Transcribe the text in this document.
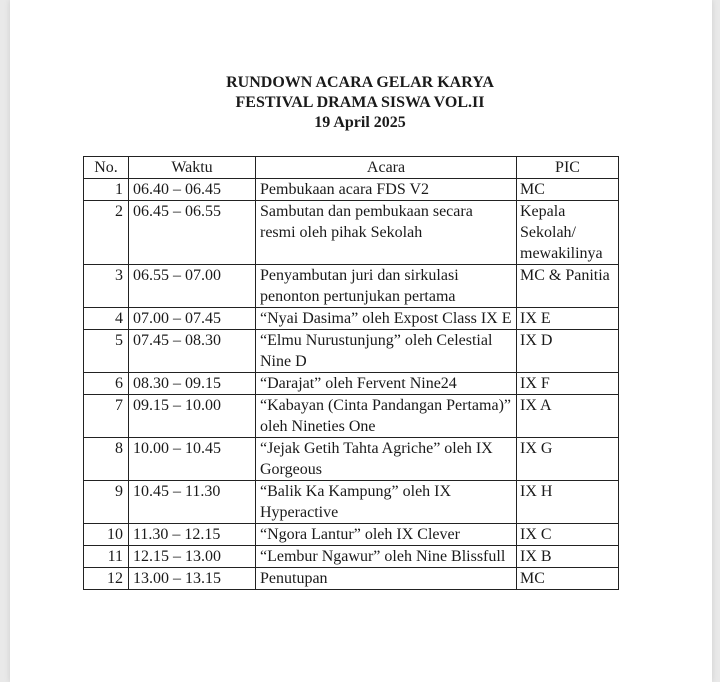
RUNDOWN ACARA GELAR KARYA
FESTIVAL DRAMA SISWA VOL.II
19 April 2025
No.	Waktu	Acara	PIC
1	06.40 – 06.45	Pembukaan acara FDS V2	MC
2	06.45 – 06.55	Sambutan dan pembukaan secara resmi oleh pihak Sekolah	Kepala Sekolah/ mewakilinya
3	06.55 – 07.00	Penyambutan juri dan sirkulasi penonton pertunjukan pertama	MC & Panitia
4	07.00 – 07.45	“Nyai Dasima” oleh Expost Class IX E	IX E
5	07.45 – 08.30	“Elmu Nurustunjung” oleh Celestial Nine D	IX D
6	08.30 – 09.15	“Darajat” oleh Fervent Nine24	IX F
7	09.15 – 10.00	“Kabayan (Cinta Pandangan Pertama)” oleh Nineties One	IX A
8	10.00 – 10.45	“Jejak Getih Tahta Agriche” oleh IX Gorgeous	IX G
9	10.45 – 11.30	“Balik Ka Kampung” oleh IX Hyperactive	IX H
10	11.30 – 12.15	“Ngora Lantur” oleh IX Clever	IX C
11	12.15 – 13.00	“Lembur Ngawur” oleh Nine Blissfull	IX B
12	13.00 – 13.15	Penutupan	MC
